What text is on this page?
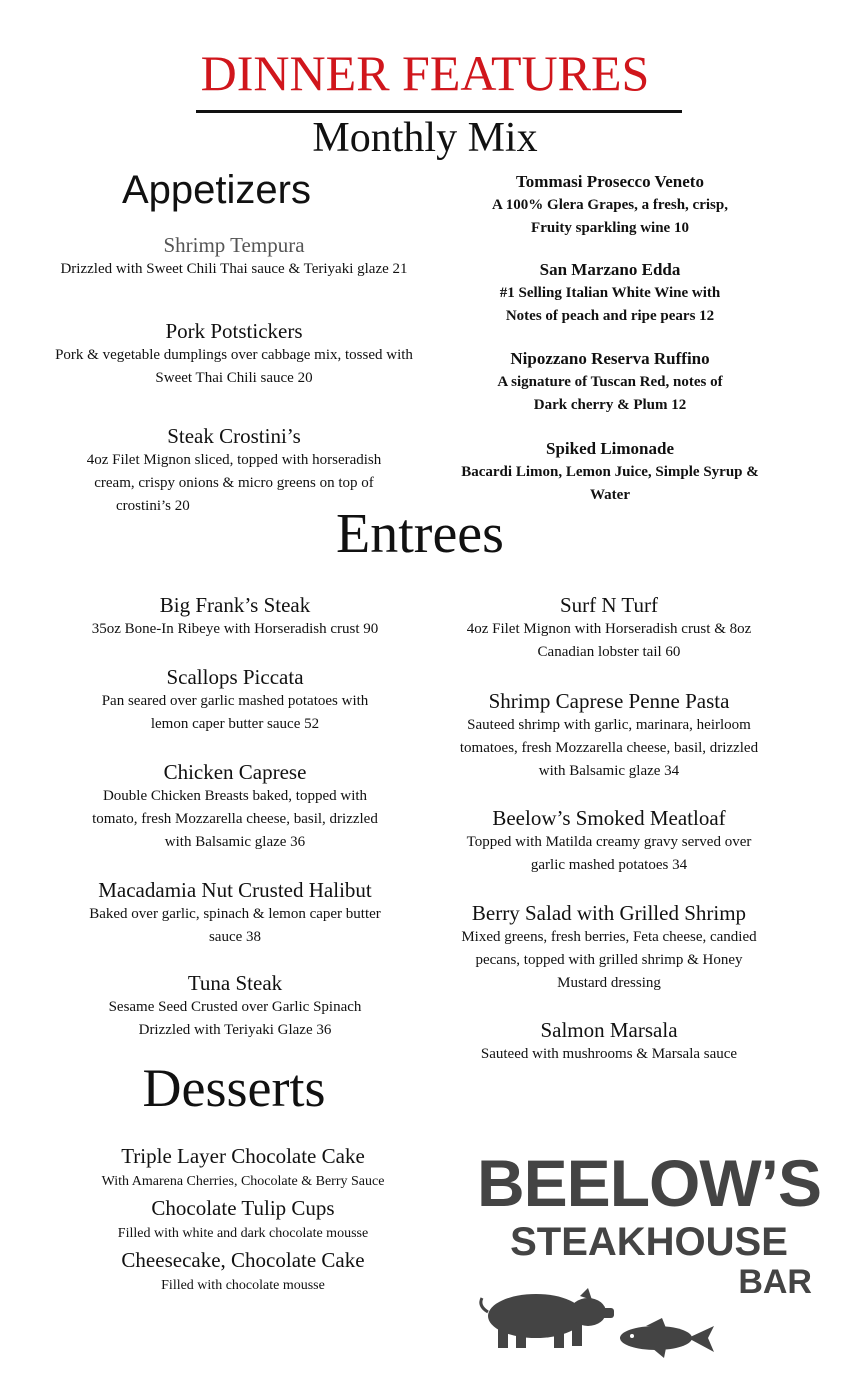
DINNER FEATURES
Monthly Mix
Appetizers
Shrimp Tempura
Drizzled with Sweet Chili Thai sauce & Teriyaki glaze 21
Pork Potstickers
Pork & vegetable dumplings over cabbage mix, tossed with Sweet Thai Chili sauce 20
Steak Crostini’s
4oz Filet Mignon sliced, topped with horseradish
cream, crispy onions & micro greens on top of
crostini’s 20
Tommasi Prosecco Veneto
A 100% Glera Grapes, a fresh, crisp,
Fruity sparkling wine 10
San Marzano Edda
#1 Selling Italian White Wine with
Notes of peach and ripe pears 12
Nipozzano Reserva Ruffino
A signature of Tuscan Red, notes of
Dark cherry & Plum 12
Spiked Limonade
Bacardi Limon, Lemon Juice, Simple Syrup &
Water
Entrees
Big Frank’s Steak
35oz Bone-In Ribeye with Horseradish crust 90
Scallops Piccata
Pan seared over garlic mashed potatoes with
lemon caper butter sauce 52
Chicken Caprese
Double Chicken Breasts baked, topped with
tomato, fresh Mozzarella cheese, basil, drizzled
with Balsamic glaze 36
Macadamia Nut Crusted Halibut
Baked over garlic, spinach & lemon caper butter
sauce 38
Tuna Steak
Sesame Seed Crusted over Garlic Spinach
Drizzled with Teriyaki Glaze 36
Surf N Turf
4oz Filet Mignon with Horseradish crust & 8oz
Canadian lobster tail 60
Shrimp Caprese Penne Pasta
Sauteed shrimp with garlic, marinara, heirloom
tomatoes, fresh Mozzarella cheese, basil, drizzled
with Balsamic glaze 34
Beelow’s Smoked Meatloaf
Topped with Matilda creamy gravy served over
garlic mashed potatoes 34
Berry Salad with Grilled Shrimp
Mixed greens, fresh berries, Feta cheese, candied
pecans, topped with grilled shrimp & Honey
Mustard dressing
Salmon Marsala
Sauteed with mushrooms & Marsala sauce
Desserts
Triple Layer Chocolate Cake
With Amarena Cherries, Chocolate & Berry Sauce
Chocolate Tulip Cups
Filled with white and dark chocolate mousse
Cheesecake, Chocolate Cake
Filled with chocolate mousse
BEELOW’S
STEAKHOUSE
BAR
